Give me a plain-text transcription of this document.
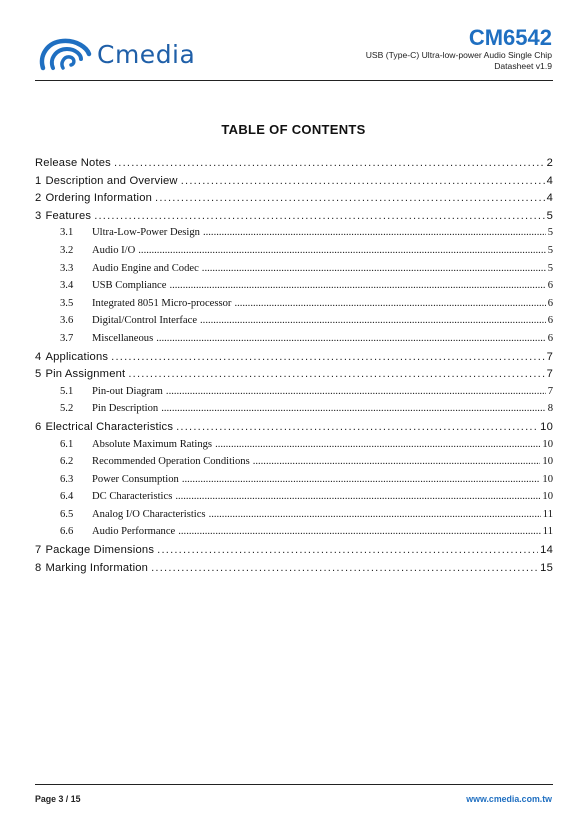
Cmedia
CM6542
USB (Type-C) Ultra-low-power Audio Single Chip
Datasheet v1.9
TABLE OF CONTENTS
Release Notes .....	2
1 Description and Overview .....	4
2 Ordering Information .....	4
3 Features .....	5
3.1	Ultra-Low-Power Design .....	5
3.2	Audio I/O .....	5
3.3	Audio Engine and Codec .....	5
3.4	USB Compliance .....	6
3.5	Integrated 8051 Micro-processor .....	6
3.6	Digital/Control Interface .....	6
3.7	Miscellaneous .....	6
4 Applications .....	7
5 Pin Assignment .....	7
5.1	Pin-out Diagram .....	7
5.2	Pin Description .....	8
6 Electrical Characteristics .....	10
6.1	Absolute Maximum Ratings .....	10
6.2	Recommended Operation Conditions .....	10
6.3	Power Consumption .....	10
6.4	DC Characteristics .....	10
6.5	Analog I/O Characteristics .....	11
6.6	Audio Performance .....	11
7 Package Dimensions .....	14
8 Marking Information .....	15
Page 3 / 15	www.cmedia.com.tw
